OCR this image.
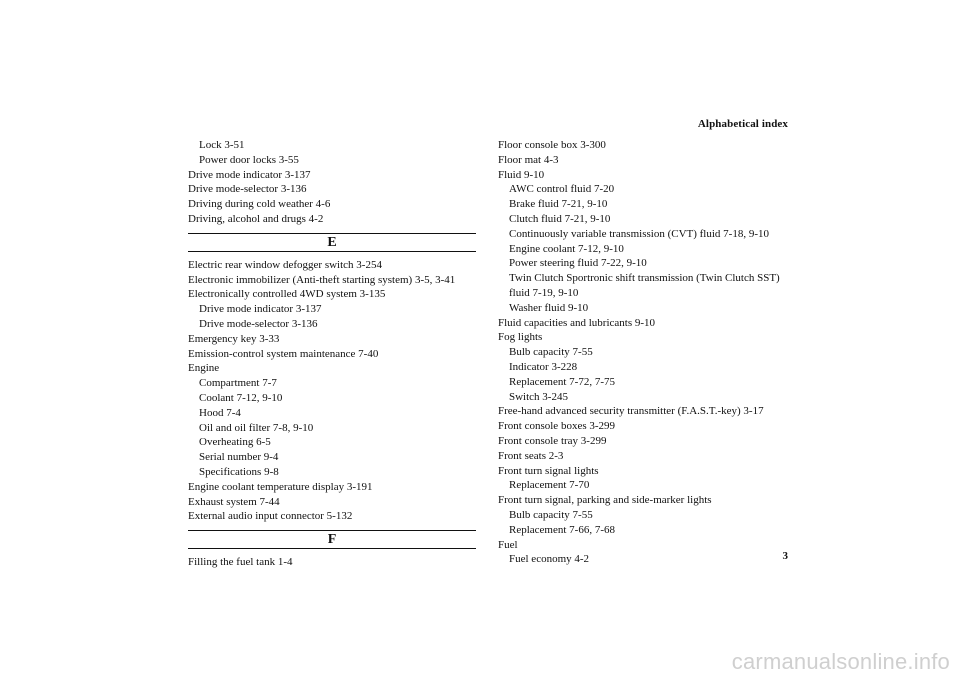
Alphabetical index
Lock 3-51
Power door locks 3-55
Drive mode indicator 3-137
Drive mode-selector 3-136
Driving during cold weather 4-6
Driving, alcohol and drugs 4-2
E
Electric rear window defogger switch 3-254
Electronic immobilizer (Anti-theft starting system) 3-5, 3-41
Electronically controlled 4WD system 3-135
Drive mode indicator 3-137
Drive mode-selector 3-136
Emergency key 3-33
Emission-control system maintenance 7-40
Engine
Compartment 7-7
Coolant 7-12, 9-10
Hood 7-4
Oil and oil filter 7-8, 9-10
Overheating 6-5
Serial number 9-4
Specifications 9-8
Engine coolant temperature display 3-191
Exhaust system 7-44
External audio input connector 5-132
F
Filling the fuel tank 1-4
Floor console box 3-300
Floor mat 4-3
Fluid 9-10
AWC control fluid 7-20
Brake fluid 7-21, 9-10
Clutch fluid 7-21, 9-10
Continuously variable transmission (CVT) fluid 7-18, 9-10
Engine coolant 7-12, 9-10
Power steering fluid 7-22, 9-10
Twin Clutch Sportronic shift transmission (Twin Clutch SST)
fluid 7-19, 9-10
Washer fluid 9-10
Fluid capacities and lubricants 9-10
Fog lights
Bulb capacity 7-55
Indicator 3-228
Replacement 7-72, 7-75
Switch 3-245
Free-hand advanced security transmitter (F.A.S.T.-key) 3-17
Front console boxes 3-299
Front console tray 3-299
Front seats 2-3
Front turn signal lights
Replacement 7-70
Front turn signal, parking and side-marker lights
Bulb capacity 7-55
Replacement 7-66, 7-68
Fuel
Fuel economy 4-2	3
carmanualsonline.info
